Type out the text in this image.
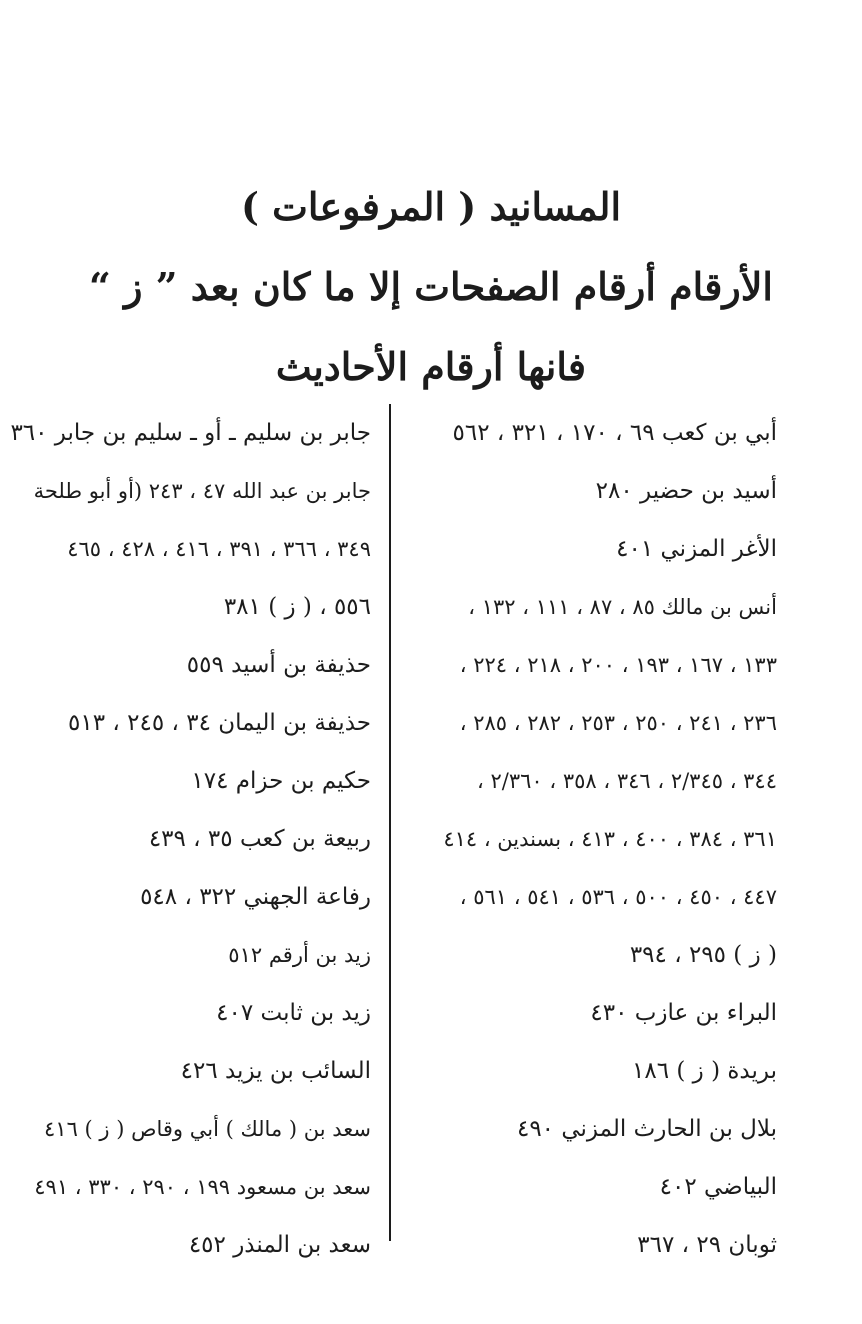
المسانيد ( المرفوعات )
الأرقام أرقام الصفحات إلا ما كان بعد ” ز “
فانها أرقام الأحاديث
أبي بن كعب ٦٩ ، ١٧٠ ، ٣٢١ ، ٥٦٢
أسيد بن حضير ٢٨٠
الأغر المزني ٤٠١
أنس بن مالك ٨٥ ، ٨٧ ، ١١١ ، ١٣٢ ،
١٣٣ ، ١٦٧ ، ١٩٣ ، ٢٠٠ ، ٢١٨ ، ٢٢٤ ،
٢٣٦ ، ٢٤١ ، ٢٥٠ ، ٢٥٣ ، ٢٨٢ ، ٢٨٥ ،
٣٤٤ ، ٢/٣٤٥ ، ٣٤٦ ، ٣٥٨ ، ٢/٣٦٠ ،
٣٦١ ، ٣٨٤ ، ٤٠٠ ، ٤١٣ ، بسندين ، ٤١٤
٤٤٧ ، ٤٥٠ ، ٥٠٠ ، ٥٣٦ ، ٥٤١ ، ٥٦١ ،
( ز ) ٢٩٥ ، ٣٩٤
البراء بن عازب ٤٣٠
بريدة ( ز ) ١٨٦
بلال بن الحارث المزني ٤٩٠
البياضي ٤٠٢
ثوبان ٢٩ ، ٣٦٧
جابر بن سليم ـ أو ـ سليم بن جابر ٣٦٠
جابر بن عبد الله ٤٧ ، ٢٤٣ (أو أبو طلحة
٣٤٩ ، ٣٦٦ ، ٣٩١ ، ٤١٦ ، ٤٢٨ ، ٤٦٥
٥٥٦ ، ( ز ) ٣٨١
حذيفة بن أسيد ٥٥٩
حذيفة بن اليمان ٣٤ ، ٢٤٥ ، ٥١٣
حكيم بن حزام ١٧٤
ربيعة بن كعب ٣٥ ، ٤٣٩
رفاعة الجهني ٣٢٢ ، ٥٤٨
زيد بن أرقم ٥١٢
زيد بن ثابت ٤٠٧
السائب بن يزيد ٤٢٦
سعد بن ( مالك ) أبي وقاص ( ز ) ٤١٦
سعد بن مسعود ١٩٩ ، ٢٩٠ ، ٣٣٠ ، ٤٩١
سعد بن المنذر ٤٥٢
